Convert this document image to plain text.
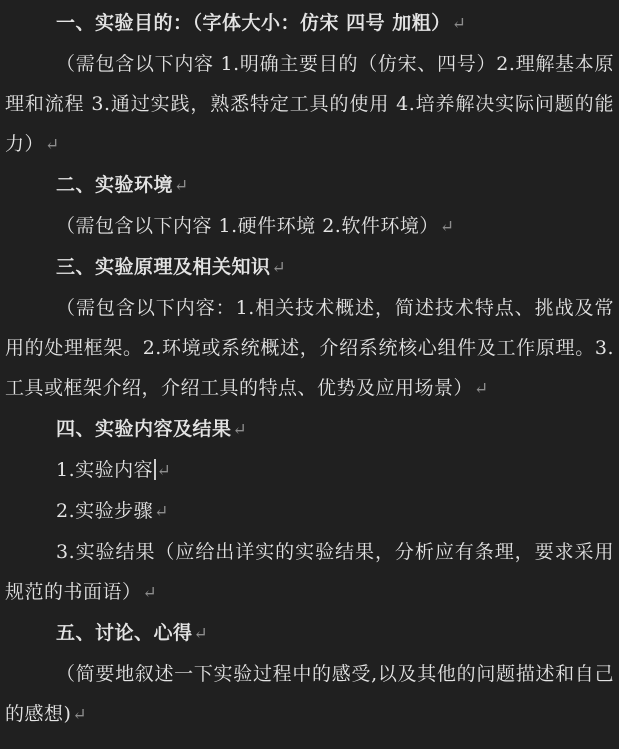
一、实验目的：（字体大小：仿宋 四号 加粗）↵

（需包含以下内容 1.明确主要目的（仿宋、四号）2.理解基本原理和流程 3.通过实践，熟悉特定工具的使用 4.培养解决实际问题的能力）↵

二、实验环境↵

（需包含以下内容 1.硬件环境 2.软件环境）↵

三、实验原理及相关知识↵

（需包含以下内容：1.相关技术概述，简述技术特点、挑战及常用的处理框架。2.环境或系统概述，介绍系统核心组件及工作原理。3.工具或框架介绍，介绍工具的特点、优势及应用场景）↵

四、实验内容及结果↵

1.实验内容 ↵

2.实验步骤↵

3.实验结果（应给出详实的实验结果，分析应有条理，要求采用规范的书面语）↵

五、讨论、心得↵

（简要地叙述一下实验过程中的感受,以及其他的问题描述和自己的感想)↵
